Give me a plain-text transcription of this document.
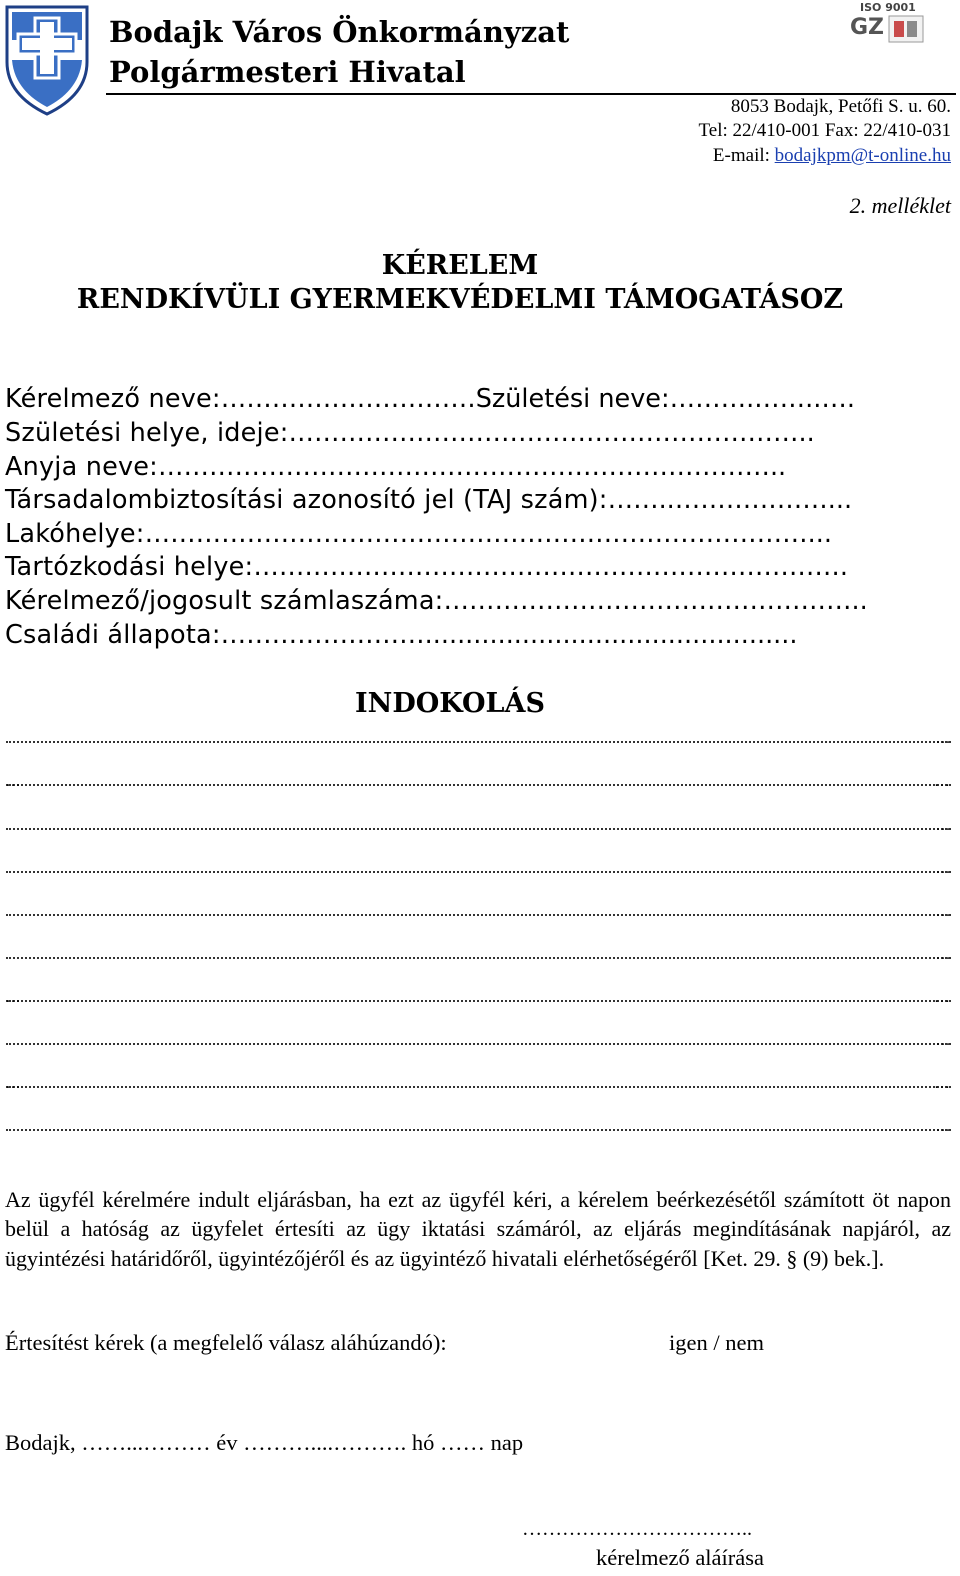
Bodajk Város Önkormányzat
Polgármesteri Hivatal
ISO 9001
GZ
8053 Bodajk, Petőfi S. u. 60.
Tel: 22/410-001 Fax: 22/410-031
E-mail: bodajkpm@t-online.hu
2. melléklet
KÉRELEM
RENDKÍVÜLI GYERMEKVÉDELMI TÁMOGATÁSOZ
Kérelmező neve:…………………………Születési neve:……….……..….
Születési helye, ideje:……………………………………………………..
Anyja neve:………………………………………………………………..
Társadalombiztosítási azonosító jel (TAJ szám):……..………………...
Lakóhelye:……………………………………………………………………...
Tartózkodási helye:…………………………………………………………….
Kérelmező/jogosult számlaszáma:…………………………………………..
Családi állapota:……………………..............................................
INDOKOLÁS
...
...	…
...
...
...
...
...	…
...
...	…
...

Az ügyfél kérelmére indult eljárásban, ha ezt az ügyfél kéri, a kérelem beérkezésétől számított öt napon belül a hatóság az ügyfelet értesíti az ügy iktatási számáról, az eljárás megindításának napjáról, az ügyintézési határidőről, ügyintézőjéről és az ügyintéző hivatali elérhetőségéről [Ket. 29. § (9) bek.].

Értesítést kérek (a megfelelő válasz aláhúzandó):	igen / nem
Bodajk, ……...……… év ………....………. hó …… nap
……………………………..
kérelmező aláírása
